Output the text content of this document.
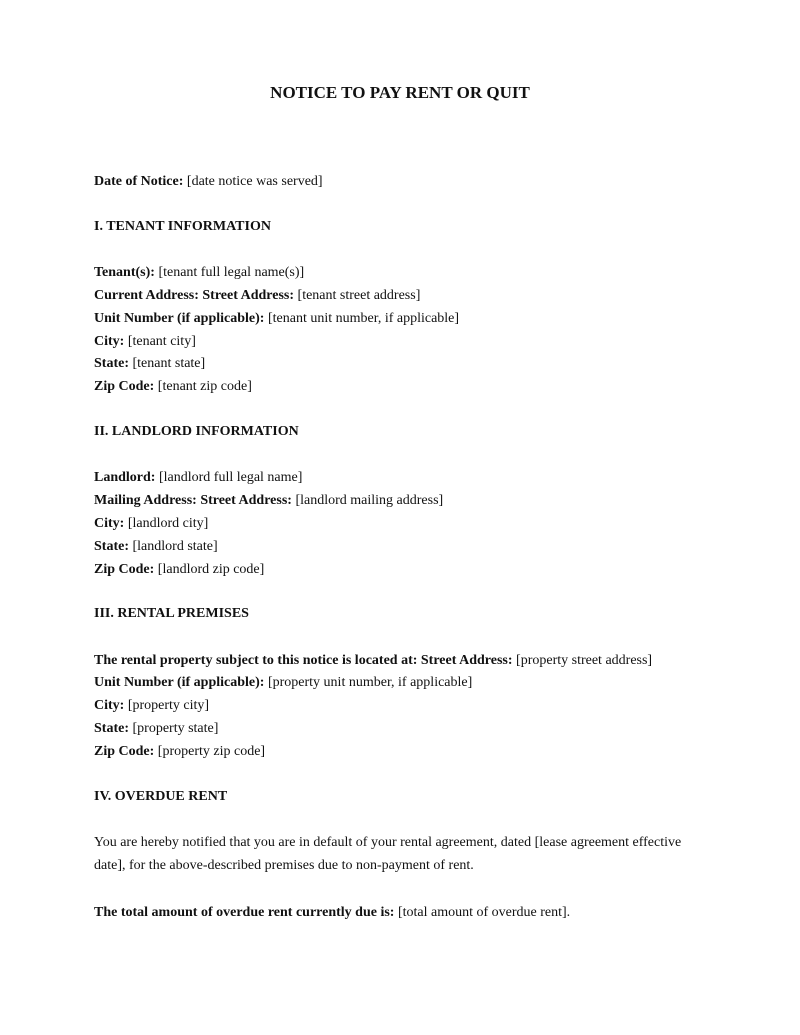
NOTICE TO PAY RENT OR QUIT

Date of Notice: [date notice was served]

I. TENANT INFORMATION

Tenant(s): [tenant full legal name(s)]

Current Address: Street Address: [tenant street address]

Unit Number (if applicable): [tenant unit number, if applicable]

City: [tenant city]

State: [tenant state]

Zip Code: [tenant zip code]

II. LANDLORD INFORMATION

Landlord: [landlord full legal name]

Mailing Address: Street Address: [landlord mailing address]

City: [landlord city]

State: [landlord state]

Zip Code: [landlord zip code]

III. RENTAL PREMISES

The rental property subject to this notice is located at: Street Address: [property street address]

Unit Number (if applicable): [property unit number, if applicable]

City: [property city]

State: [property state]

Zip Code: [property zip code]

IV. OVERDUE RENT

You are hereby notified that you are in default of your rental agreement, dated [lease agreement effective date], for the above-described premises due to non-payment of rent.

The total amount of overdue rent currently due is: [total amount of overdue rent].
